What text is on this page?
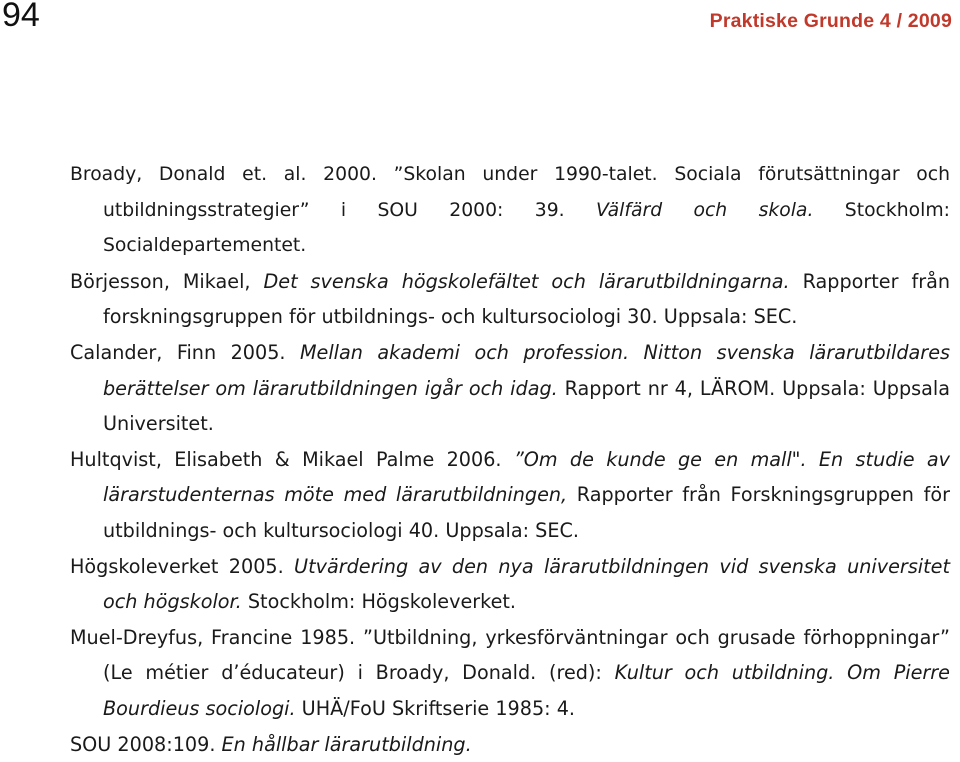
94	Praktiske Grunde 4 / 2009

Broady, Donald et. al. 2000. ”Skolan under 1990-talet. Sociala förutsättningar och utbildningsstrategier” i SOU 2000: 39. Välfärd och skola. Stockholm: Socialdepartementet.

Börjesson, Mikael, Det svenska högskolefältet och lärarutbildningarna. Rapporter från forskningsgruppen för utbildnings- och kultursociologi 30. Uppsala: SEC.

Calander, Finn 2005. Mellan akademi och profession. Nitton svenska lärarutbildares berättelser om lärarutbildningen igår och idag. Rapport nr 4, LÄROM. Uppsala: Uppsala Universitet.

Hultqvist, Elisabeth & Mikael Palme 2006. ”Om de kunde ge en mall". En studie av lärarstudenternas möte med lärarutbildningen, Rapporter från Forskningsgruppen för utbildnings- och kultursociologi 40. Uppsala: SEC.

Högskoleverket 2005. Utvärdering av den nya lärarutbildningen vid svenska universitet och högskolor. Stockholm: Högskoleverket.

Muel-Dreyfus, Francine 1985. ”Utbildning, yrkesförväntningar och grusade förhoppningar” (Le métier d’éducateur) i Broady, Donald. (red): Kultur och utbildning. Om Pierre Bourdieus sociologi. UHÄ/FoU Skriftserie 1985: 4.

SOU 2008:109. En hållbar lärarutbildning.
